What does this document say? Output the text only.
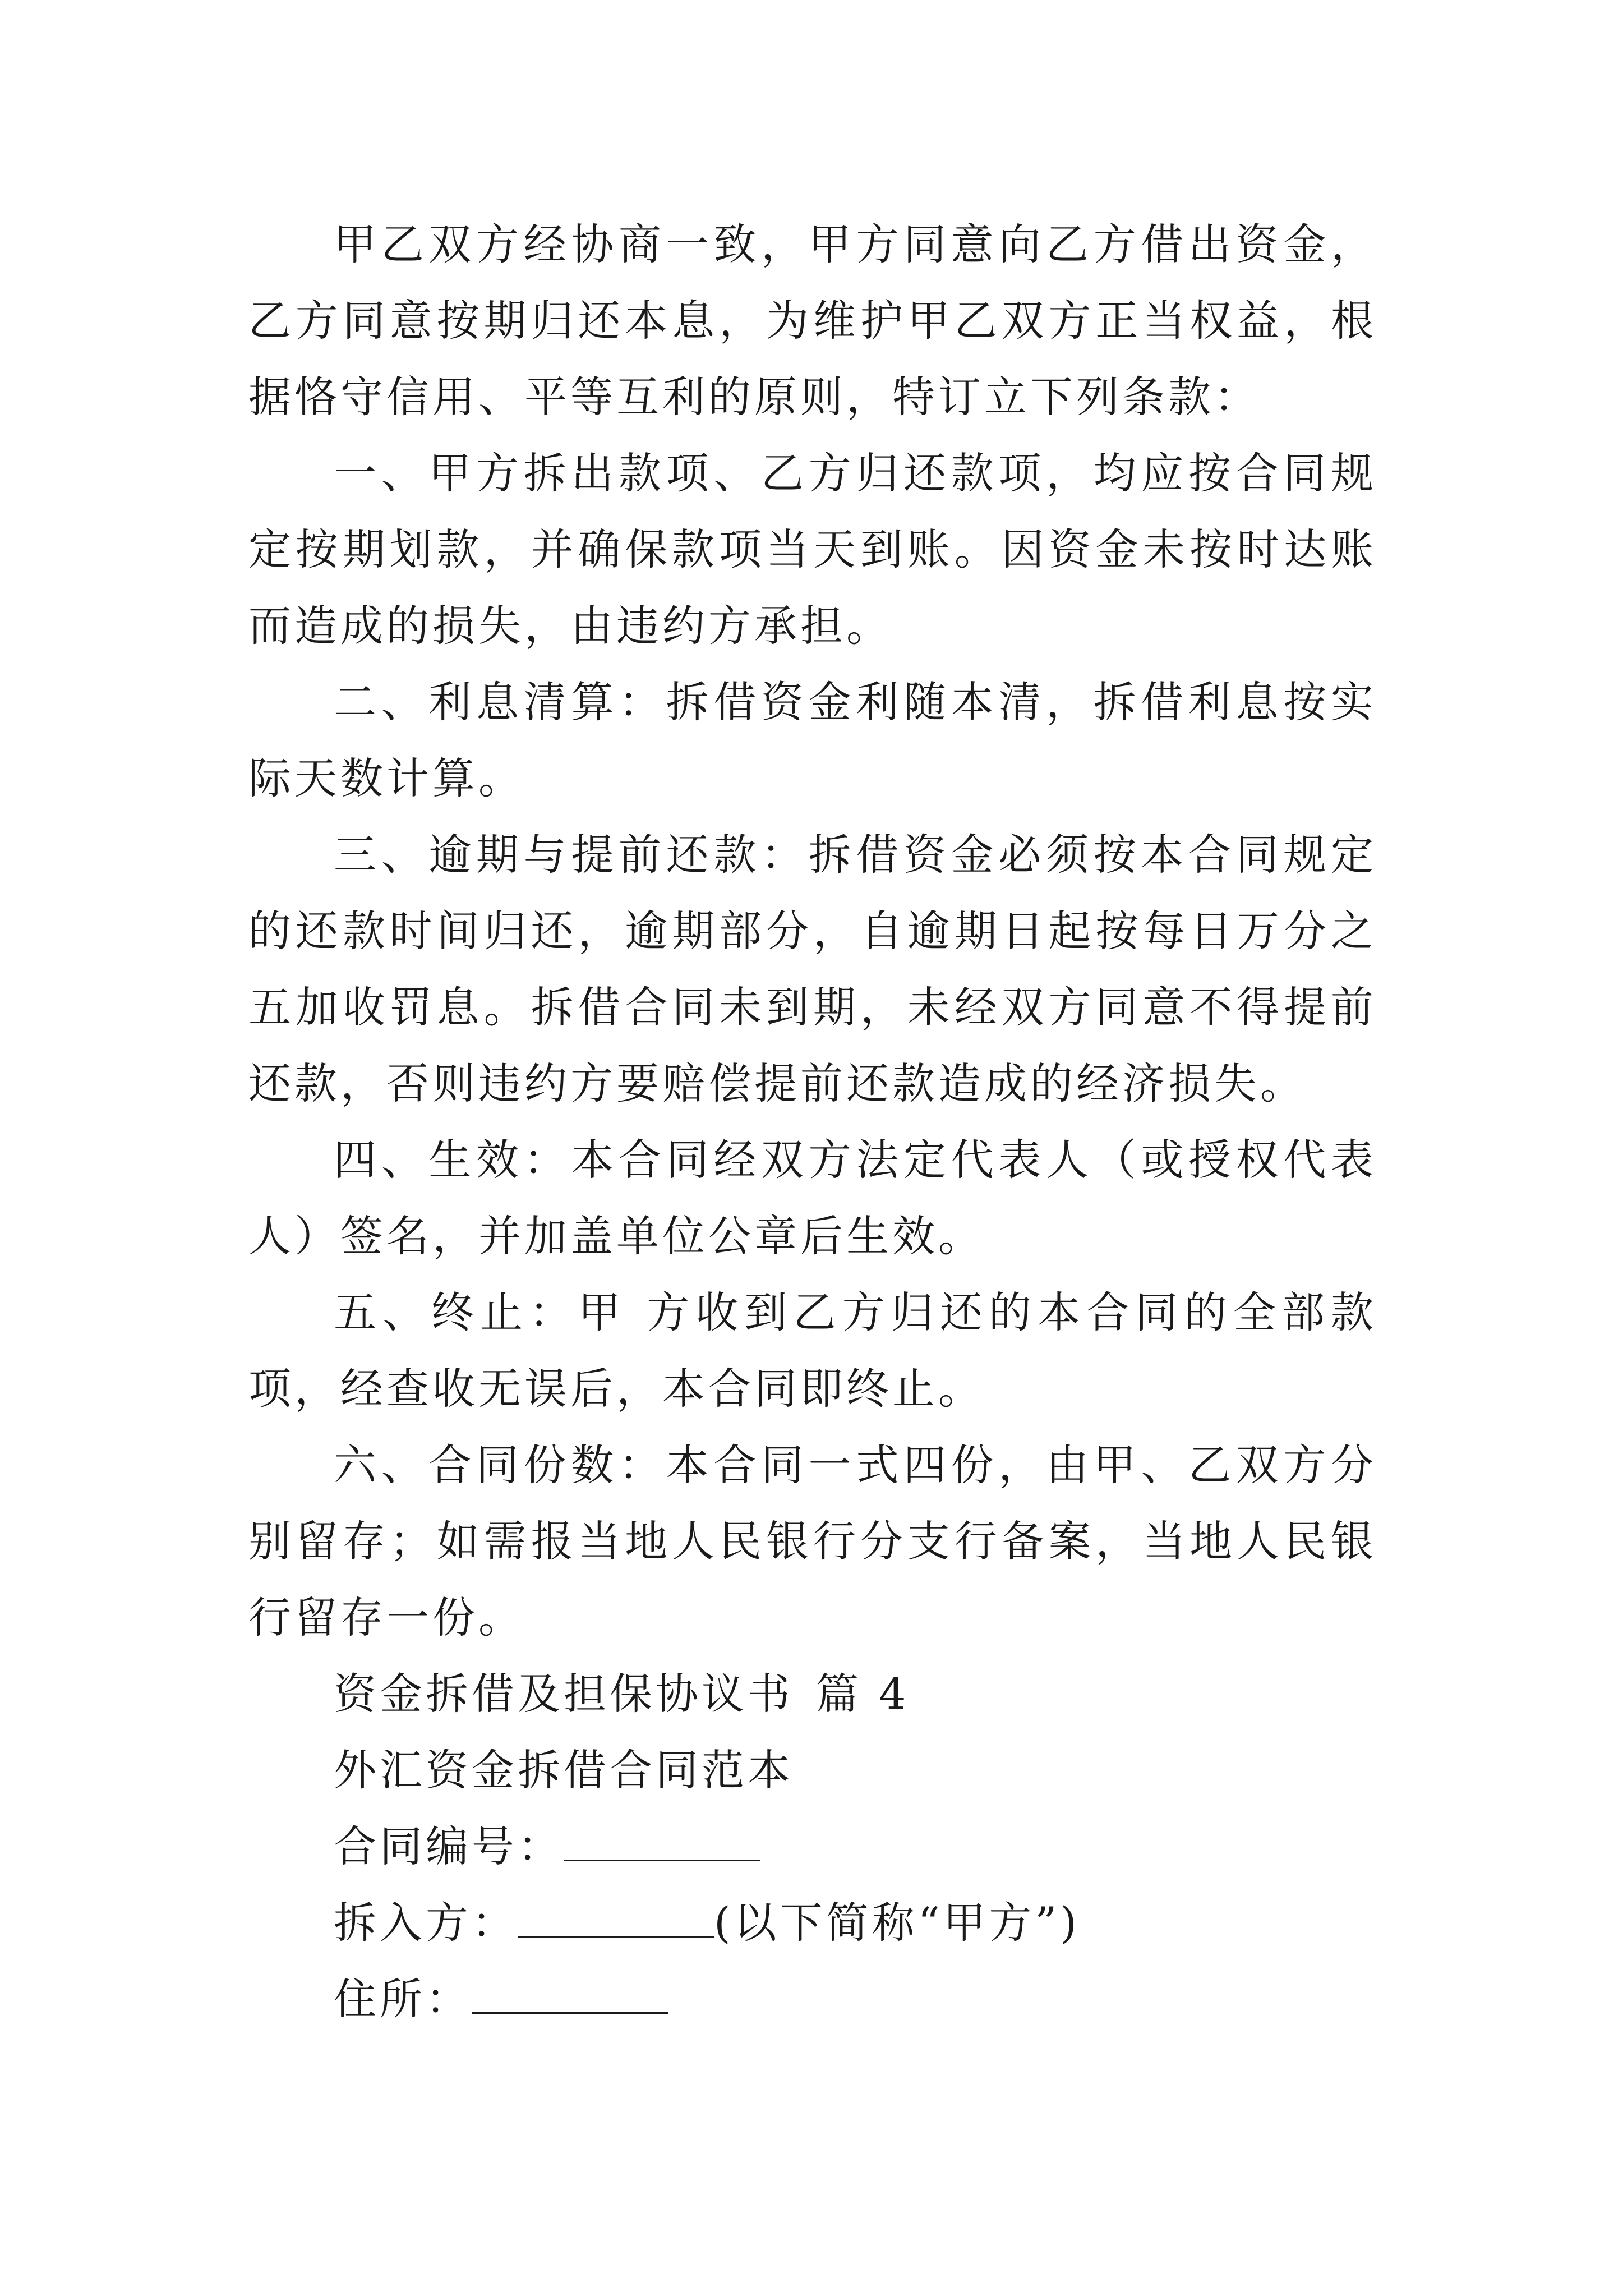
甲乙双方经协商一致，甲方同意向乙方借出资金，乙方同意按期归还本息，为维护甲乙双方正当权益，根据恪守信用、平等互利的原则，特订立下列条款：

一、甲方拆出款项、乙方归还款项，均应按合同规定按期划款，并确保款项当天到账。因资金未按时达账而造成的损失，由违约方承担。

二、利息清算：拆借资金利随本清，拆借利息按实际天数计算。

三、逾期与提前还款：拆借资金必须按本合同规定的还款时间归还，逾期部分，自逾期日起按每日万分之五加收罚息。拆借合同未到期，未经双方同意不得提前还款，否则违约方要赔偿提前还款造成的经济损失。

四、生效：本合同经双方法定代表人（或授权代表人）签名，并加盖单位公章后生效。

五、终止：甲 方收到乙方归还的本合同的全部款项，经查收无误后，本合同即终止。

六、合同份数：本合同一式四份，由甲、乙双方分别留存；如需报当地人民银行分支行备案，当地人民银行留存一份。

资金拆借及担保协议书 篇 4

外汇资金拆借合同范本

合同编号：

拆入方：	(以下简称“甲方”)

住所：
